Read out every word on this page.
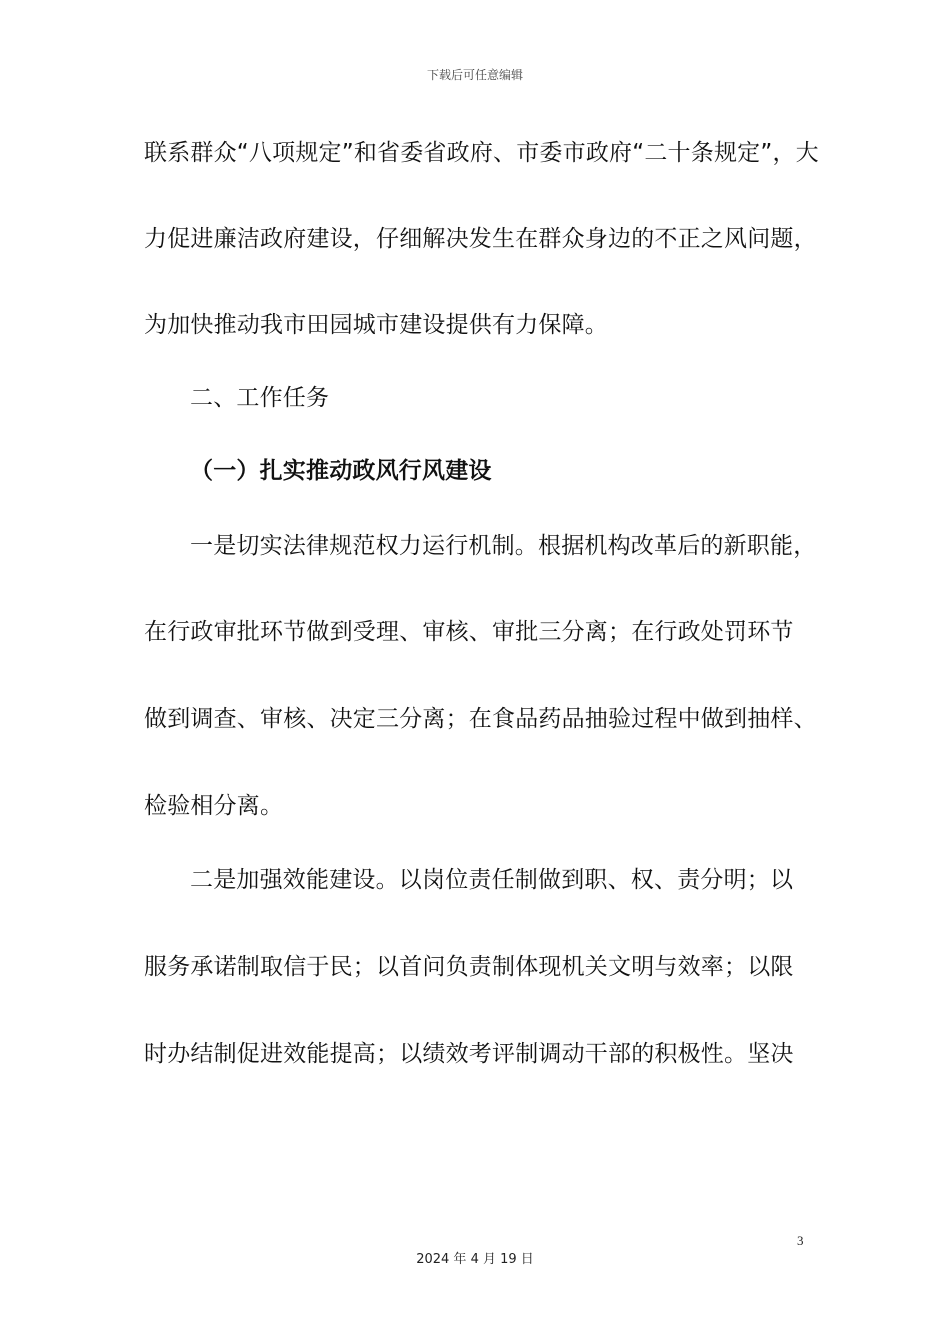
下载后可任意编辑
联系群众“八项规定”和省委省政府、市委市政府“二十条规定”，大
力促进廉洁政府建设，仔细解决发生在群众身边的不正之风问题，
为加快推动我市田园城市建设提供有力保障。
二、工作任务
（一）扎实推动政风行风建设
一是切实法律规范权力运行机制。根据机构改革后的新职能，
在行政审批环节做到受理、审核、审批三分离；在行政处罚环节
做到调查、审核、决定三分离；在食品药品抽验过程中做到抽样、
检验相分离。
二是加强效能建设。以岗位责任制做到职、权、责分明；以
服务承诺制取信于民；以首问负责制体现机关文明与效率；以限
时办结制促进效能提高；以绩效考评制调动干部的积极性。坚决
3
2024 年 4 月 19 日
